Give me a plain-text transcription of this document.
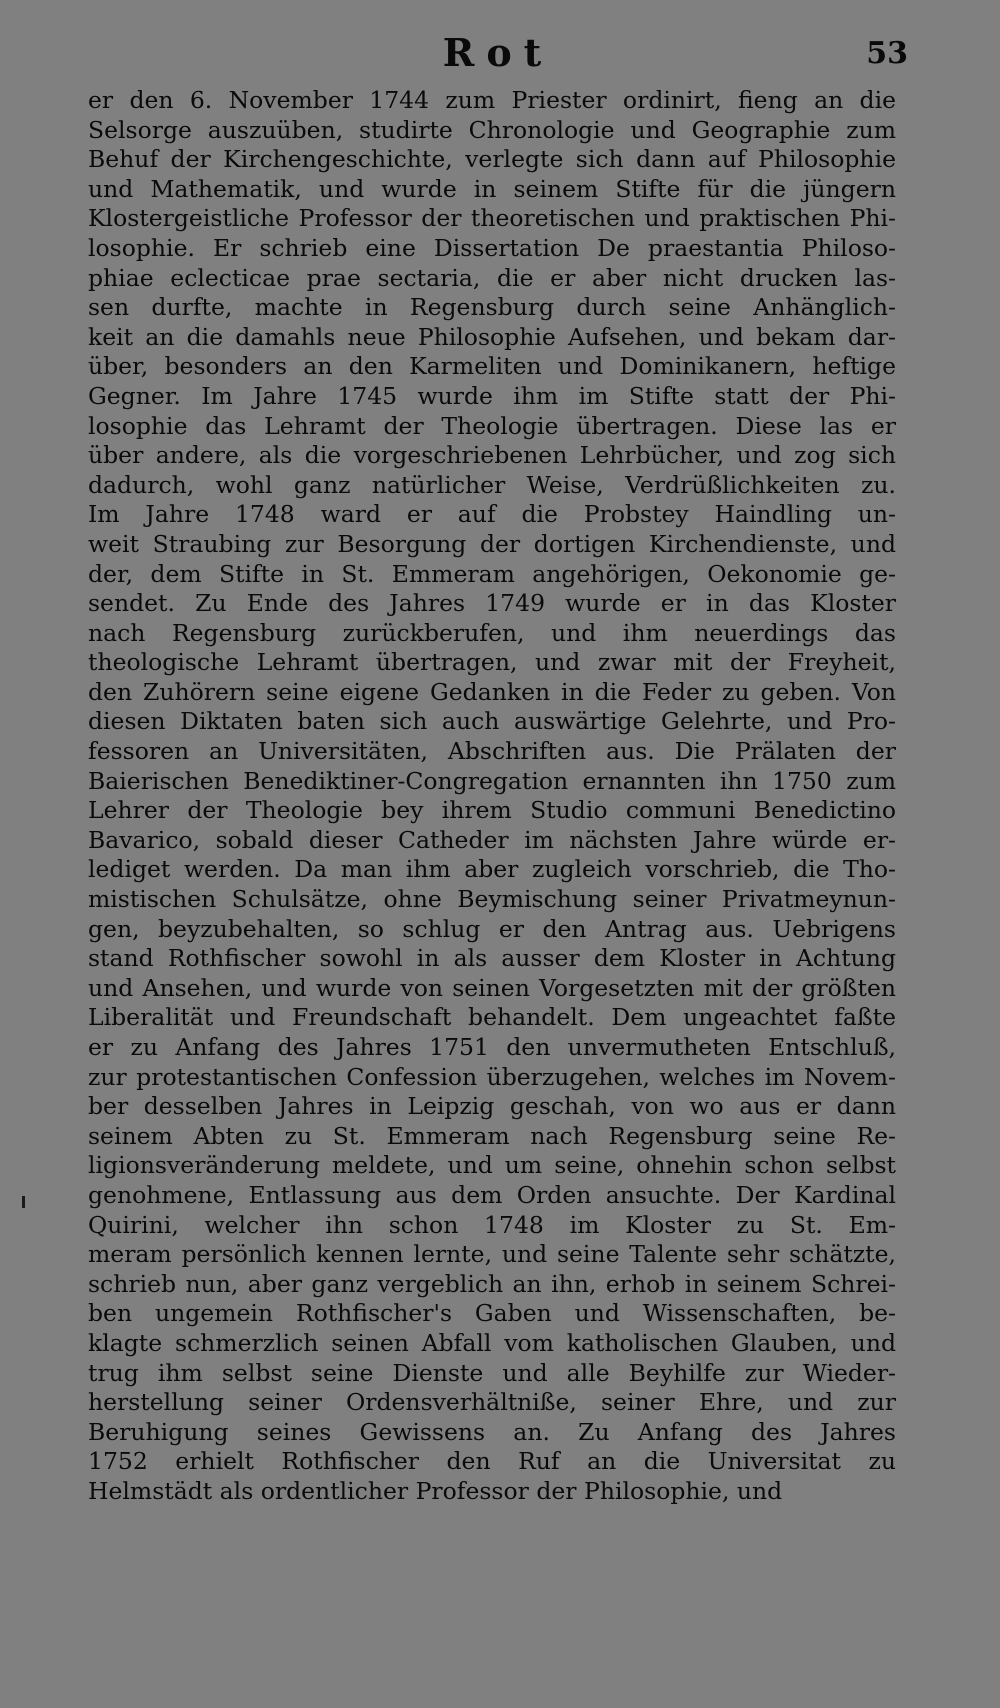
Rot	53
er den 6. November 1744 zum Priester ordinirt, fieng an die
Selsorge auszuüben, studirte Chronologie und Geographie zum
Behuf der Kirchengeschichte, verlegte sich dann auf Philosophie
und Mathematik, und wurde in seinem Stifte für die jüngern
Klostergeistliche Professor der theoretischen und praktischen Phi-
losophie. Er schrieb eine Dissertation De praestantia Philoso-
phiae eclecticae prae sectaria, die er aber nicht drucken las-
sen durfte, machte in Regensburg durch seine Anhänglich-
keit an die damahls neue Philosophie Aufsehen, und bekam dar-
über, besonders an den Karmeliten und Dominikanern, heftige
Gegner. Im Jahre 1745 wurde ihm im Stifte statt der Phi-
losophie das Lehramt der Theologie übertragen. Diese las er
über andere, als die vorgeschriebenen Lehrbücher, und zog sich
dadurch, wohl ganz natürlicher Weise, Verdrüßlichkeiten zu.
Im Jahre 1748 ward er auf die Probstey Haindling un-
weit Straubing zur Besorgung der dortigen Kirchendienste, und
der, dem Stifte in St. Emmeram angehörigen, Oekonomie ge-
sendet. Zu Ende des Jahres 1749 wurde er in das Kloster
nach Regensburg zurückberufen, und ihm neuerdings das
theologische Lehramt übertragen, und zwar mit der Freyheit,
den Zuhörern seine eigene Gedanken in die Feder zu geben. Von
diesen Diktaten baten sich auch auswärtige Gelehrte, und Pro-
fessoren an Universitäten, Abschriften aus. Die Prälaten der
Baierischen Benediktiner-Congregation ernannten ihn 1750 zum
Lehrer der Theologie bey ihrem Studio communi Benedictino
Bavarico, sobald dieser Catheder im nächsten Jahre würde er-
lediget werden. Da man ihm aber zugleich vorschrieb, die Tho-
mistischen Schulsätze, ohne Beymischung seiner Privatmeynun-
gen, beyzubehalten, so schlug er den Antrag aus. Uebrigens
stand Rothfischer sowohl in als ausser dem Kloster in Achtung
und Ansehen, und wurde von seinen Vorgesetzten mit der größten
Liberalität und Freundschaft behandelt. Dem ungeachtet faßte
er zu Anfang des Jahres 1751 den unvermutheten Entschluß,
zur protestantischen Confession überzugehen, welches im Novem-
ber desselben Jahres in Leipzig geschah, von wo aus er dann
seinem Abten zu St. Emmeram nach Regensburg seine Re-
ligionsveränderung meldete, und um seine, ohnehin schon selbst
genohmene, Entlassung aus dem Orden ansuchte. Der Kardinal
Quirini, welcher ihn schon 1748 im Kloster zu St. Em-
meram persönlich kennen lernte, und seine Talente sehr schätzte,
schrieb nun, aber ganz vergeblich an ihn, erhob in seinem Schrei-
ben ungemein Rothfischer's Gaben und Wissenschaften, be-
klagte schmerzlich seinen Abfall vom katholischen Glauben, und
trug ihm selbst seine Dienste und alle Beyhilfe zur Wieder-
herstellung seiner Ordensverhältniße, seiner Ehre, und zur
Beruhigung seines Gewissens an. Zu Anfang des Jahres
1752 erhielt Rothfischer den Ruf an die Universitat zu
Helmstädt als ordentlicher Professor der Philosophie, und
